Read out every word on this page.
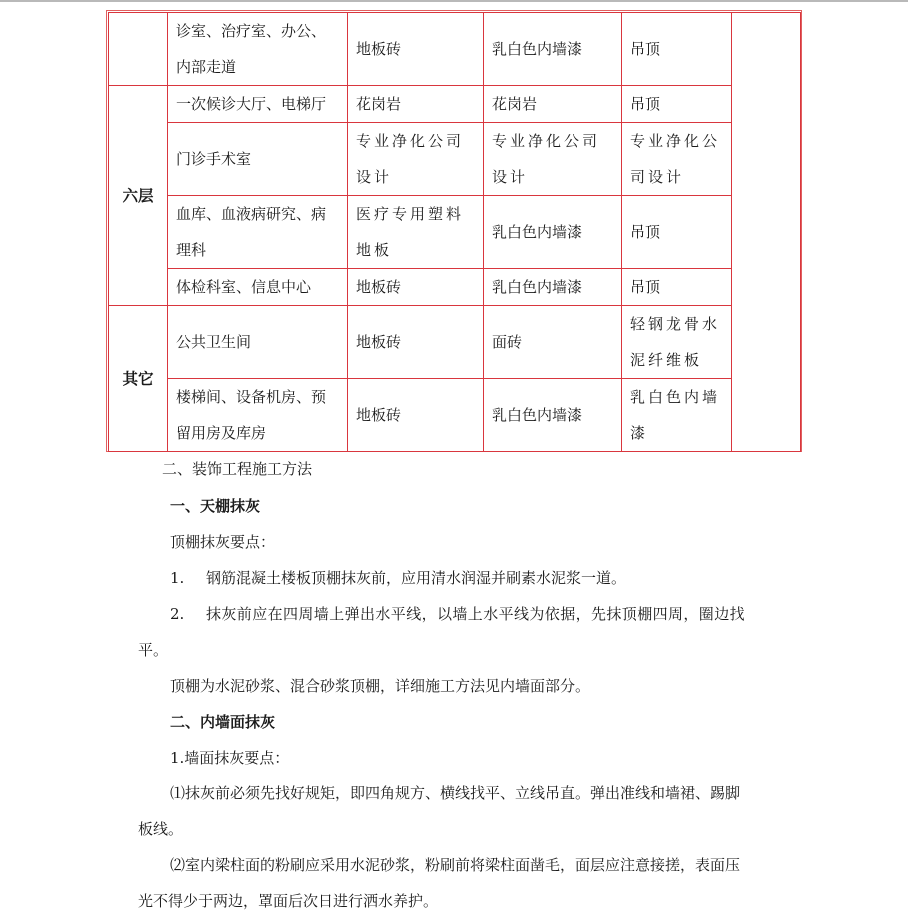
	诊室、治疗室、办公、内部走道	地板砖	乳白色内墙漆	吊顶	
六层	一次候诊大厅、电梯厅	花岗岩	花岗岩	吊顶	
	门诊手术室	专业净化公司设计	专业净化公司设计	专业净化公司设计	
	血库、血液病研究、病理科	医疗专用塑料地板	乳白色内墙漆	吊顶	
	体检科室、信息中心	地板砖	乳白色内墙漆	吊顶	
其它	公共卫生间	地板砖	面砖	轻钢龙骨水泥纤维板	
	楼梯间、设备机房、预留用房及库房	地板砖	乳白色内墙漆	乳白色内墙漆	
二、装饰工程施工方法
一、天棚抹灰
顶棚抹灰要点：
1. 钢筋混凝土楼板顶棚抹灰前，应用清水润湿并刷素水泥浆一道。
2. 抹灰前应在四周墙上弹出水平线，以墙上水平线为依据，先抹顶棚四周，圈边找
平。
顶棚为水泥砂浆、混合砂浆顶棚，详细施工方法见内墙面部分。
二、内墙面抹灰
1.墙面抹灰要点：
⑴抹灰前必须先找好规矩，即四角规方、横线找平、立线吊直。弹出准线和墙裙、踢脚
板线。
⑵室内梁柱面的粉刷应采用水泥砂浆，粉刷前将梁柱面凿毛，面层应注意接搓，表面压
光不得少于两边，罩面后次日进行洒水养护。
